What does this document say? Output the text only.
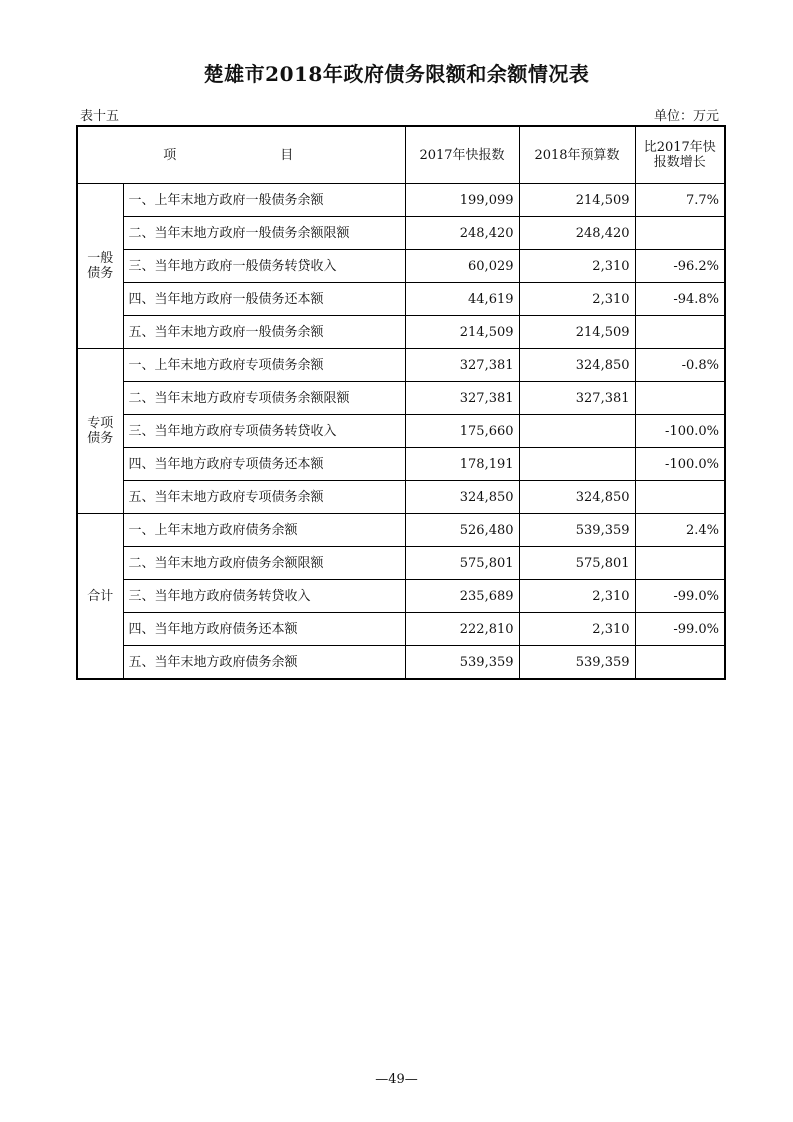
楚雄市2018年政府债务限额和余额情况表
表十五	单位：万元
项　　目		2017年快报数	2018年预算数	比2017年快报数增长
一般债务	一、上年末地方政府一般债务余额	199,099	214,509	7.7%
	二、当年末地方政府一般债务余额限额	248,420	248,420	
	三、当年地方政府一般债务转贷收入	60,029	2,310	-96.2%
	四、当年地方政府一般债务还本额	44,619	2,310	-94.8%
	五、当年末地方政府一般债务余额	214,509	214,509	
专项债务	一、上年末地方政府专项债务余额	327,381	324,850	-0.8%
	二、当年末地方政府专项债务余额限额	327,381	327,381	
	三、当年地方政府专项债务转贷收入	175,660		-100.0%
	四、当年地方政府专项债务还本额	178,191		-100.0%
	五、当年末地方政府专项债务余额	324,850	324,850	
合计	一、上年末地方政府债务余额	526,480	539,359	2.4%
	二、当年末地方政府债务余额限额	575,801	575,801	
	三、当年地方政府债务转贷收入	235,689	2,310	-99.0%
	四、当年地方政府债务还本额	222,810	2,310	-99.0%
	五、当年末地方政府债务余额	539,359	539,359	
—49—
